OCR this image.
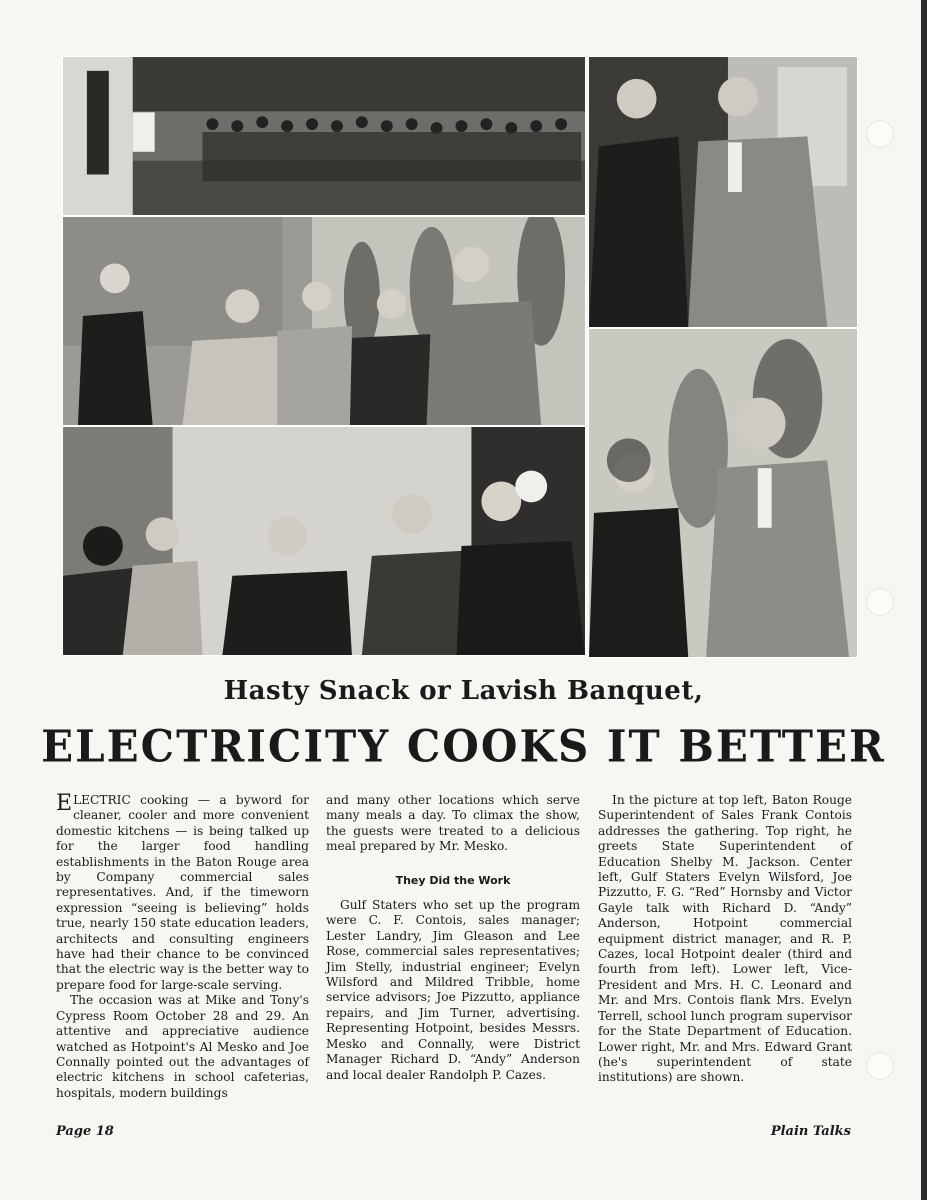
Hasty Snack or Lavish Banquet,
ELECTRICITY COOKS IT BETTER

ELECTRIC cooking — a byword for cleaner, cooler and more convenient domestic kitchens — is being talked up for the larger food handling establishments in the Baton Rouge area by Company commercial sales representatives. And, if the timeworn expression “seeing is believing” holds true, nearly 150 state education leaders, architects and consulting engineers have had their chance to be convinced that the electric way is the better way to prepare food for large-scale serving.

The occasion was at Mike and Tony's Cypress Room October 28 and 29. An attentive and appreciative audience watched as Hotpoint's Al Mesko and Joe Connally pointed out the advantages of electric kitchens in school cafeterias, hospitals, modern buildings

and many other locations which serve many meals a day. To climax the show, the guests were treated to a delicious meal prepared by Mr. Mesko.

They Did the Work

Gulf Staters who set up the program were C. F. Contois, sales manager; Lester Landry, Jim Gleason and Lee Rose, commercial sales representatives; Jim Stelly, industrial engineer; Evelyn Wilsford and Mildred Tribble, home service advisors; Joe Pizzutto, appliance repairs, and Jim Turner, advertising. Representing Hotpoint, besides Messrs. Mesko and Connally, were District Manager Richard D. “Andy” Anderson and local dealer Randolph P. Cazes.

In the picture at top left, Baton Rouge Superintendent of Sales Frank Contois addresses the gathering. Top right, he greets State Superintendent of Education Shelby M. Jackson. Center left, Gulf Staters Evelyn Wilsford, Joe Pizzutto, F. G. “Red” Hornsby and Victor Gayle talk with Richard D. “Andy” Anderson, Hotpoint commercial equipment district manager, and R. P. Cazes, local Hotpoint dealer (third and fourth from left). Lower left, Vice-President and Mrs. H. C. Leonard and Mr. and Mrs. Contois flank Mrs. Evelyn Terrell, school lunch program supervisor for the State Department of Education. Lower right, Mr. and Mrs. Edward Grant (he's superintendent of state institutions) are shown.

Page 18	Plain Talks
